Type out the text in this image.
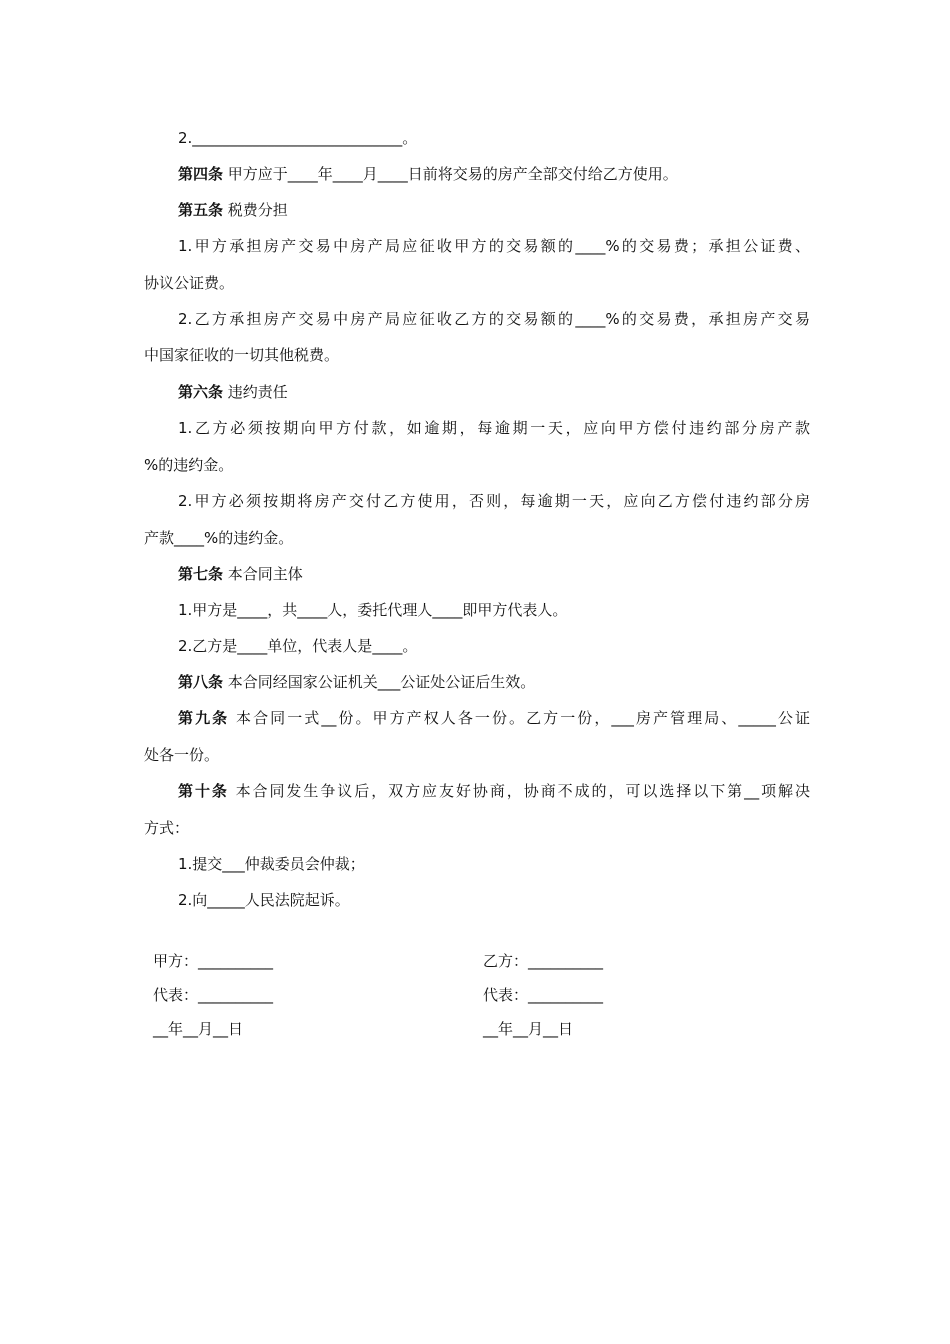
2.____________________________。
第四条 甲方应于____年____月____日前将交易的房产全部交付给乙方使用。
第五条 税费分担
1.甲方承担房产交易中房产局应征收甲方的交易额的____%的交易费；承担公证费、
协议公证费。
2.乙方承担房产交易中房产局应征收乙方的交易额的____%的交易费，承担房产交易
中国家征收的一切其他税费。
第六条 违约责任
1.乙方必须按期向甲方付款，如逾期，每逾期一天，应向甲方偿付违约部分房产款
%的违约金。
2.甲方必须按期将房产交付乙方使用，否则，每逾期一天，应向乙方偿付违约部分房
产款____%的违约金。
第七条 本合同主体
1.甲方是____，共____人，委托代理人____即甲方代表人。
2.乙方是____单位，代表人是____。
第八条 本合同经国家公证机关___公证处公证后生效。
第九条 本合同一式__份。甲方产权人各一份。乙方一份，___房产管理局、_____公证
处各一份。
第十条 本合同发生争议后，双方应友好协商，协商不成的，可以选择以下第__项解决
方式：
1.提交___仲裁委员会仲裁；
2.向_____人民法院起诉。
甲方：__________
代表：__________
__年__月__日
乙方：__________
代表：__________
__年__月__日
